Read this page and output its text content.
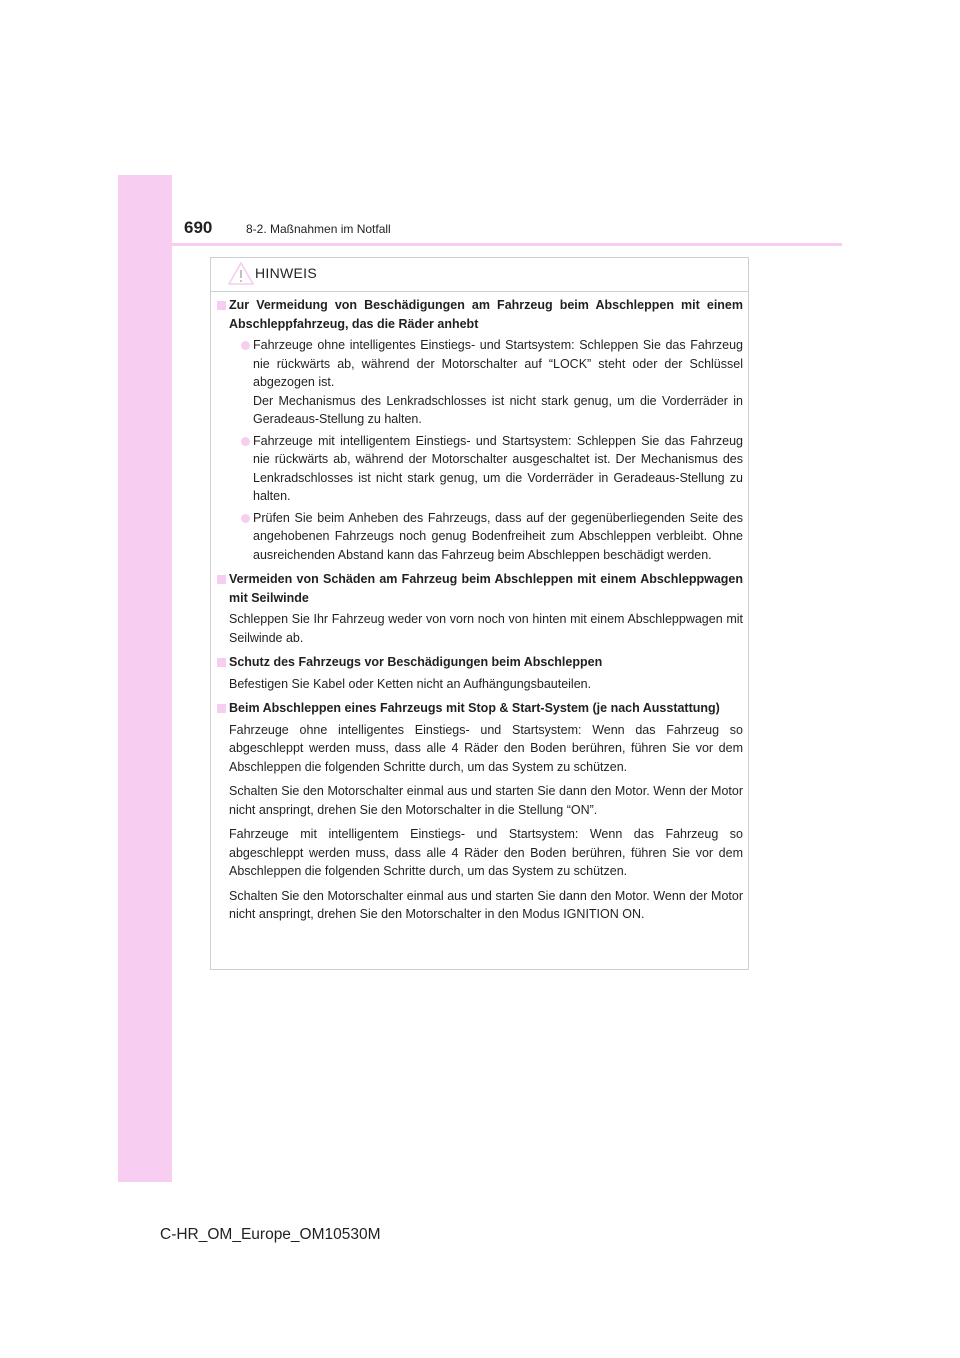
690	8-2. Maßnahmen im Notfall
HINWEIS
Zur Vermeidung von Beschädigungen am Fahrzeug beim Abschleppen mit einem Abschleppfahrzeug, das die Räder anhebt
Fahrzeuge ohne intelligentes Einstiegs- und Startsystem: Schleppen Sie das Fahrzeug nie rückwärts ab, während der Motorschalter auf “LOCK” steht oder der Schlüssel abgezogen ist.
Der Mechanismus des Lenkradschlosses ist nicht stark genug, um die Vorderräder in Geradeaus-Stellung zu halten.
Fahrzeuge mit intelligentem Einstiegs- und Startsystem: Schleppen Sie das Fahrzeug nie rückwärts ab, während der Motorschalter ausgeschaltet ist. Der Mechanismus des Lenkradschlosses ist nicht stark genug, um die Vorderräder in Geradeaus-Stellung zu halten.
Prüfen Sie beim Anheben des Fahrzeugs, dass auf der gegenüberliegenden Seite des angehobenen Fahrzeugs noch genug Bodenfreiheit zum Abschleppen verbleibt. Ohne ausreichenden Abstand kann das Fahrzeug beim Abschleppen beschädigt werden.
Vermeiden von Schäden am Fahrzeug beim Abschleppen mit einem Abschleppwagen mit Seilwinde
Schleppen Sie Ihr Fahrzeug weder von vorn noch von hinten mit einem Abschleppwagen mit Seilwinde ab.
Schutz des Fahrzeugs vor Beschädigungen beim Abschleppen
Befestigen Sie Kabel oder Ketten nicht an Aufhängungsbauteilen.
Beim Abschleppen eines Fahrzeugs mit Stop & Start-System (je nach Ausstattung)
Fahrzeuge ohne intelligentes Einstiegs- und Startsystem: Wenn das Fahrzeug so abgeschleppt werden muss, dass alle 4 Räder den Boden berühren, führen Sie vor dem Abschleppen die folgenden Schritte durch, um das System zu schützen.
Schalten Sie den Motorschalter einmal aus und starten Sie dann den Motor. Wenn der Motor nicht anspringt, drehen Sie den Motorschalter in die Stellung “ON”.
Fahrzeuge mit intelligentem Einstiegs- und Startsystem: Wenn das Fahrzeug so abgeschleppt werden muss, dass alle 4 Räder den Boden berühren, führen Sie vor dem Abschleppen die folgenden Schritte durch, um das System zu schützen.
Schalten Sie den Motorschalter einmal aus und starten Sie dann den Motor. Wenn der Motor nicht anspringt, drehen Sie den Motorschalter in den Modus IGNITION ON.
C-HR_OM_Europe_OM10530M
